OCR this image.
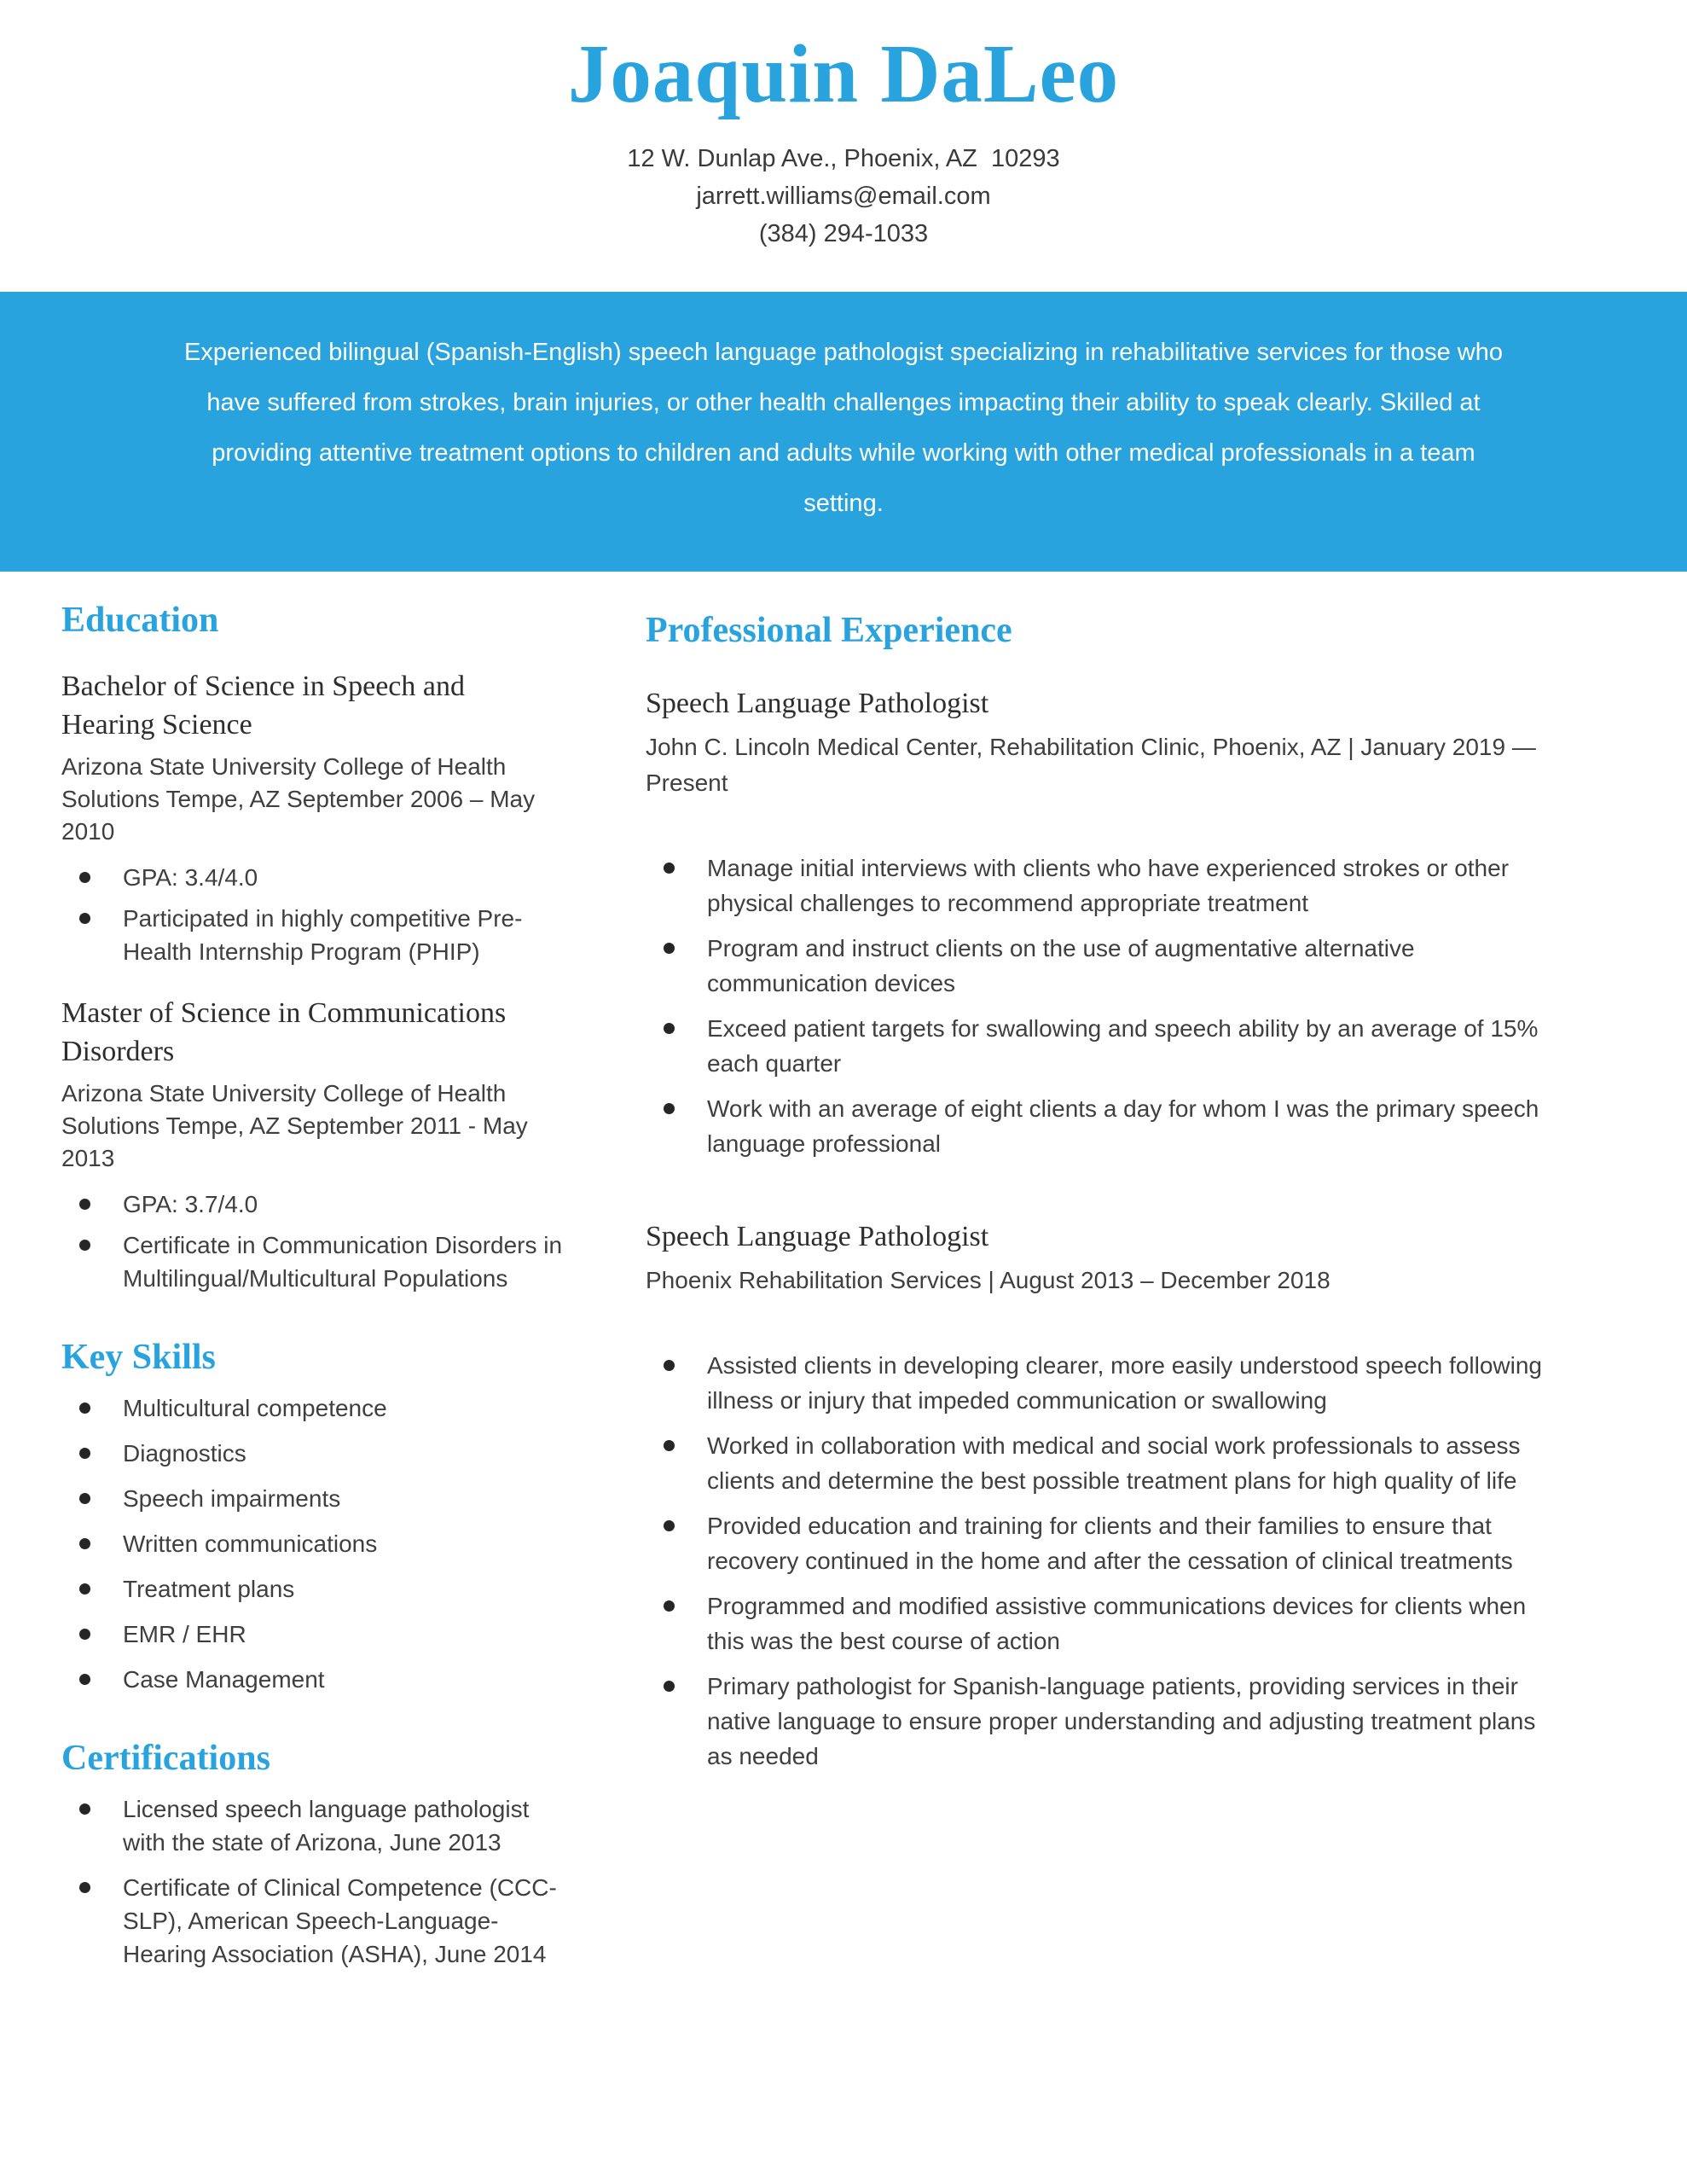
Joaquin DaLeo
12 W. Dunlap Ave., Phoenix, AZ  10293
jarrett.williams@email.com
(384) 294-1033

Experienced bilingual (Spanish-English) speech language pathologist specializing in rehabilitative services for those who have suffered from strokes, brain injuries, or other health challenges impacting their ability to speak clearly. Skilled at providing attentive treatment options to children and adults while working with other medical professionals in a team setting.

Education
Bachelor of Science in Speech and Hearing Science

Arizona State University College of Health Solutions Tempe, AZ September 2006 – May 2010

GPA: 3.4/4.0
Participated in highly competitive Pre-Health Internship Program (PHIP)
Master of Science in Communications Disorders

Arizona State University College of Health Solutions Tempe, AZ September 2011 - May 2013

GPA: 3.7/4.0
Certificate in Communication Disorders in Multilingual/Multicultural Populations
Key Skills
Multicultural competence
Diagnostics
Speech impairments
Written communications
Treatment plans
EMR / EHR
Case Management
Certifications
Licensed speech language pathologist with the state of Arizona, June 2013
Certificate of Clinical Competence (CCC-SLP), American Speech-Language-Hearing Association (ASHA), June 2014
Professional Experience
Speech Language Pathologist

John C. Lincoln Medical Center, Rehabilitation Clinic, Phoenix, AZ | January 2019 — Present

Manage initial interviews with clients who have experienced strokes or other physical challenges to recommend appropriate treatment
Program and instruct clients on the use of augmentative alternative communication devices
Exceed patient targets for swallowing and speech ability by an average of 15% each quarter
Work with an average of eight clients a day for whom I was the primary speech language professional
Speech Language Pathologist

Phoenix Rehabilitation Services | August 2013 – December 2018

Assisted clients in developing clearer, more easily understood speech following illness or injury that impeded communication or swallowing
Worked in collaboration with medical and social work professionals to assess clients and determine the best possible treatment plans for high quality of life
Provided education and training for clients and their families to ensure that recovery continued in the home and after the cessation of clinical treatments
Programmed and modified assistive communications devices for clients when this was the best course of action
Primary pathologist for Spanish-language patients, providing services in their native language to ensure proper understanding and adjusting treatment plans as needed
